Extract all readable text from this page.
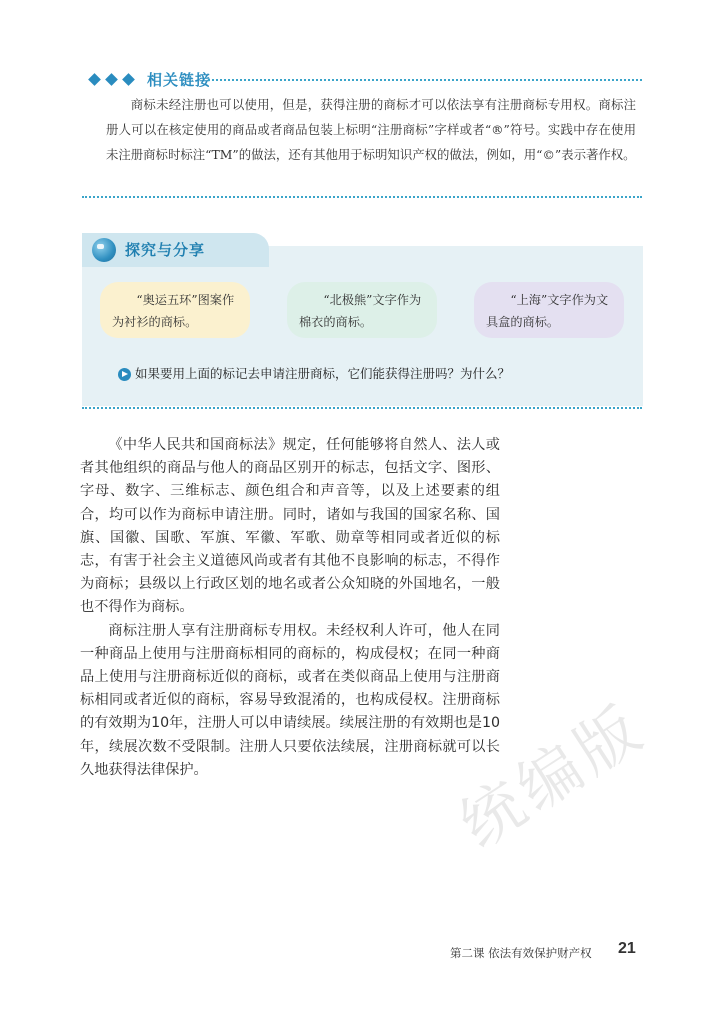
相关链接
商标未经注册也可以使用，但是，获得注册的商标才可以依法享有注册商标专用权。商标注册人可以在核定使用的商品或者商品包装上标明“注册商标”字样或者“®”符号。实践中存在使用未注册商标时标注“TM”的做法，还有其他用于标明知识产权的做法，例如，用“©”表示著作权。
探究与分享
“奥运五环”图案作为衬衫的商标。
“北极熊”文字作为棉衣的商标。
“上海”文字作为文具盒的商标。
如果要用上面的标记去申请注册商标，它们能获得注册吗？为什么？

《中华人民共和国商标法》规定，任何能够将自然人、法人或者其他组织的商品与他人的商品区别开的标志，包括文字、图形、字母、数字、三维标志、颜色组合和声音等，以及上述要素的组合，均可以作为商标申请注册。同时，诸如与我国的国家名称、国旗、国徽、国歌、军旗、军徽、军歌、勋章等相同或者近似的标志，有害于社会主义道德风尚或者有其他不良影响的标志，不得作为商标；县级以上行政区划的地名或者公众知晓的外国地名，一般也不得作为商标。

商标注册人享有注册商标专用权。未经权利人许可，他人在同一种商品上使用与注册商标相同的商标的，构成侵权；在同一种商品上使用与注册商标近似的商标，或者在类似商品上使用与注册商标相同或者近似的商标，容易导致混淆的，也构成侵权。注册商标的有效期为10年，注册人可以申请续展。续展注册的有效期也是10年，续展次数不受限制。注册人只要依法续展，注册商标就可以长久地获得法律保护。	统编版
第二课 依法有效保护财产权 21
